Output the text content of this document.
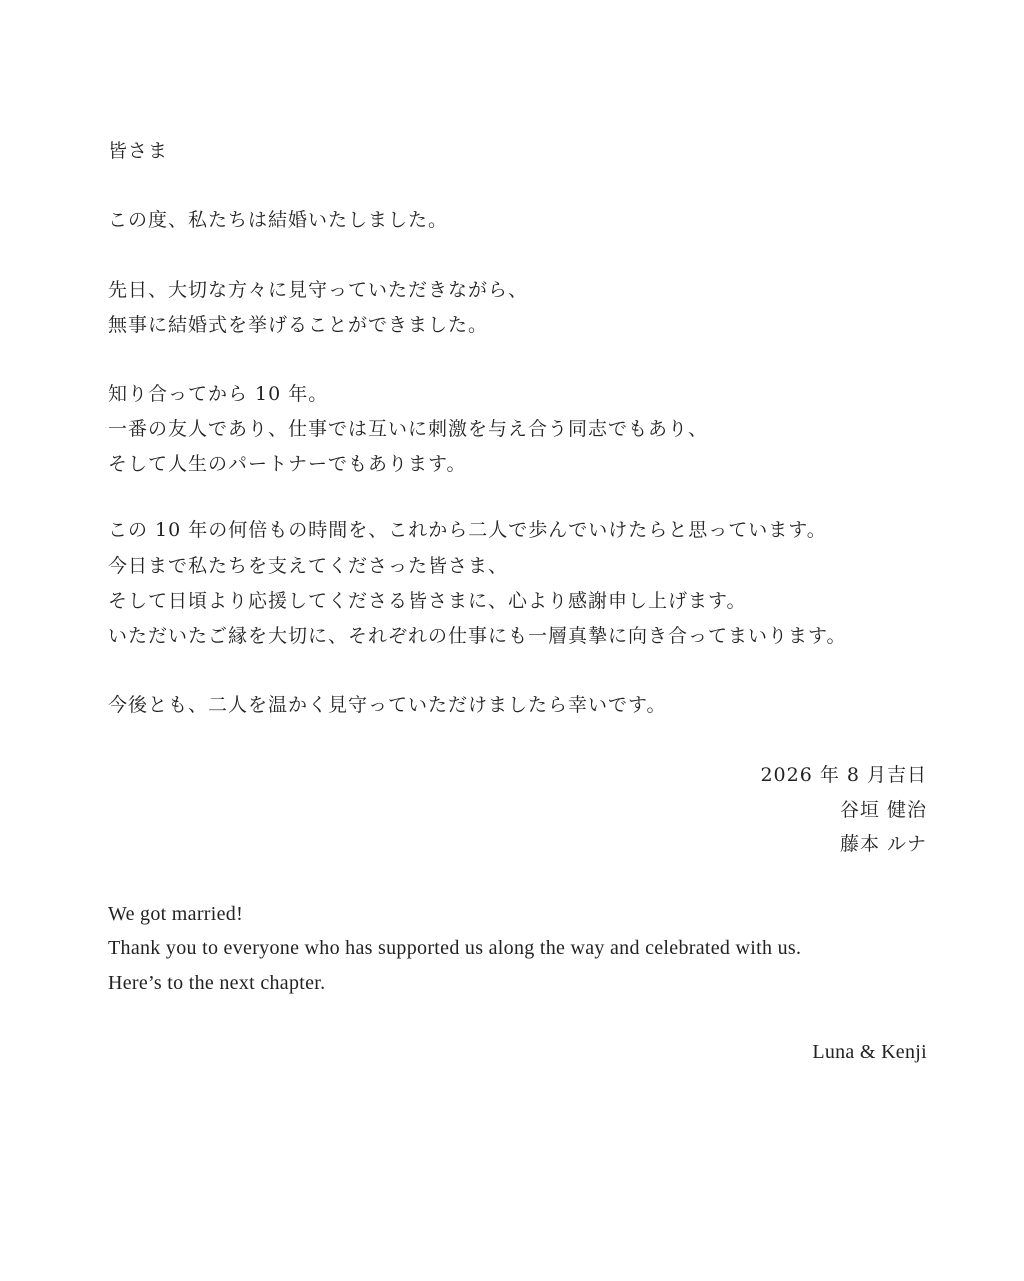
皆さま
この度、私たちは結婚いたしました。
先日、大切な方々に見守っていただきながら、
無事に結婚式を挙げることができました。
知り合ってから 10 年。
一番の友人であり、仕事では互いに刺激を与え合う同志でもあり、
そして人生のパートナーでもあります。
この 10 年の何倍もの時間を、これから二人で歩んでいけたらと思っています。
今日まで私たちを支えてくださった皆さま、
そして日頃より応援してくださる皆さまに、心より感謝申し上げます。
いただいたご縁を大切に、それぞれの仕事にも一層真摯に向き合ってまいります。
今後とも、二人を温かく見守っていただけましたら幸いです。
2026 年 8 月吉日
谷垣 健治
藤本 ルナ
We got married!
Thank you to everyone who has supported us along the way and celebrated with us.
Here’s to the next chapter.
Luna & Kenji
